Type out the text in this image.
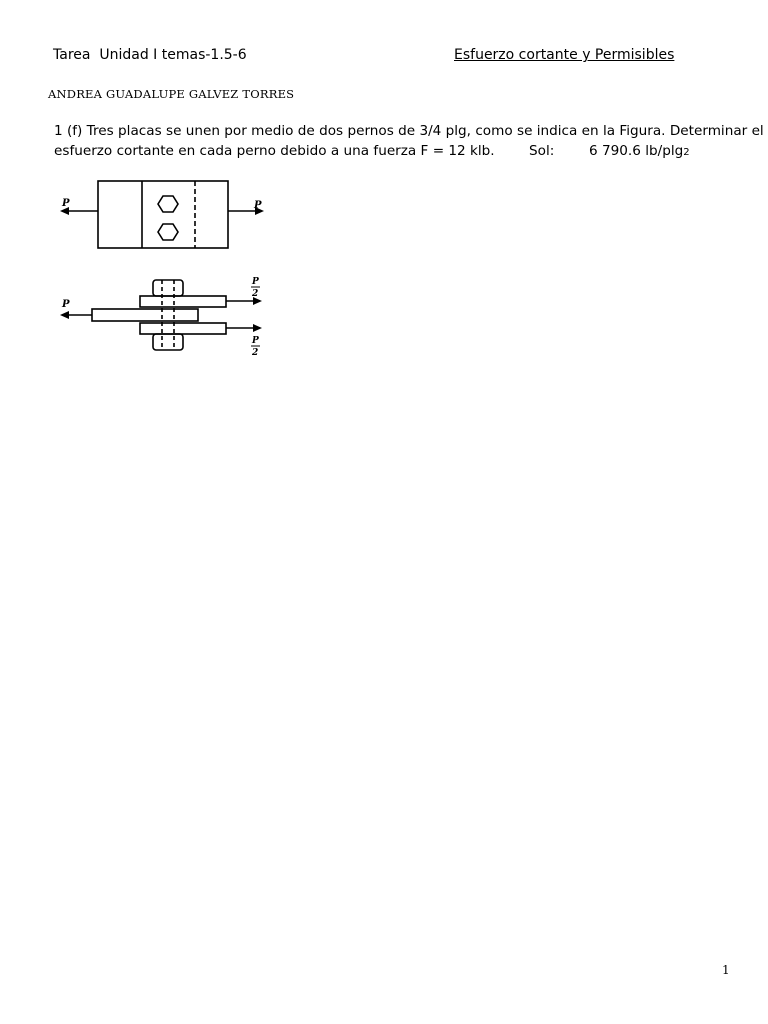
Tarea  Unidad I temas-1.5-6	Esfuerzo cortante y Permisibles
ANDREA GUADALUPE GALVEZ TORRES
1 (f) Tres placas se unen por medio de dos pernos de 3/4 plg, como se indica en la Figura. Determinar el
esfuerzo cortante en cada perno debido a una fuerza F = 12 klb.	Sol:	6 790.6 lb/plg2
P	P
P
P
2
P
2
1
